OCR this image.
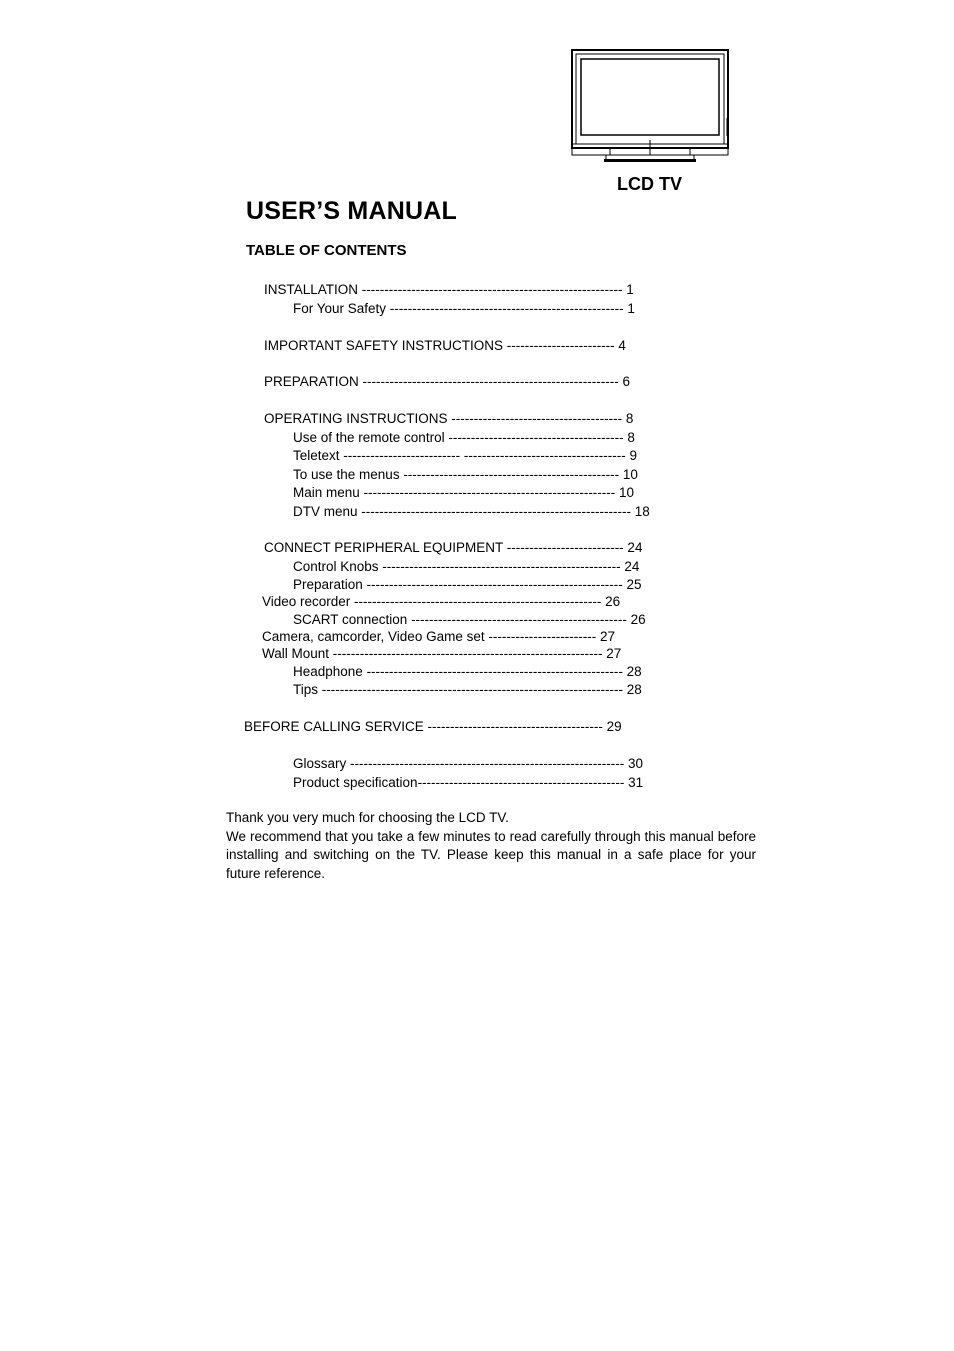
LCD TV
USER’S MANUAL
TABLE OF CONTENTS
INSTALLATION ---------------------------------------------------------- 1
For Your Safety ---------------------------------------------------- 1
IMPORTANT SAFETY INSTRUCTIONS ------------------------ 4
PREPARATION --------------------------------------------------------- 6
OPERATING INSTRUCTIONS -------------------------------------- 8
Use of the remote control --------------------------------------- 8
Teletext -------------------------- ------------------------------------ 9
To use the menus ------------------------------------------------ 10
Main menu -------------------------------------------------------- 10
DTV menu ------------------------------------------------------------ 18
CONNECT PERIPHERAL EQUIPMENT -------------------------- 24
Control Knobs ----------------------------------------------------- 24
Preparation --------------------------------------------------------- 25
Video recorder ------------------------------------------------------- 26
SCART connection ------------------------------------------------ 26
Camera, camcorder, Video Game set ------------------------ 27
Wall Mount ------------------------------------------------------------ 27
Headphone --------------------------------------------------------- 28
Tips ------------------------------------------------------------------- 28
BEFORE CALLING SERVICE --------------------------------------- 29
Glossary ------------------------------------------------------------- 30
Product specification---------------------------------------------- 31

Thank you very much for choosing the LCD TV.

We recommend that you take a few minutes to read carefully through this manual before installing and switching on the TV. Please keep this manual in a safe place for your future reference.
